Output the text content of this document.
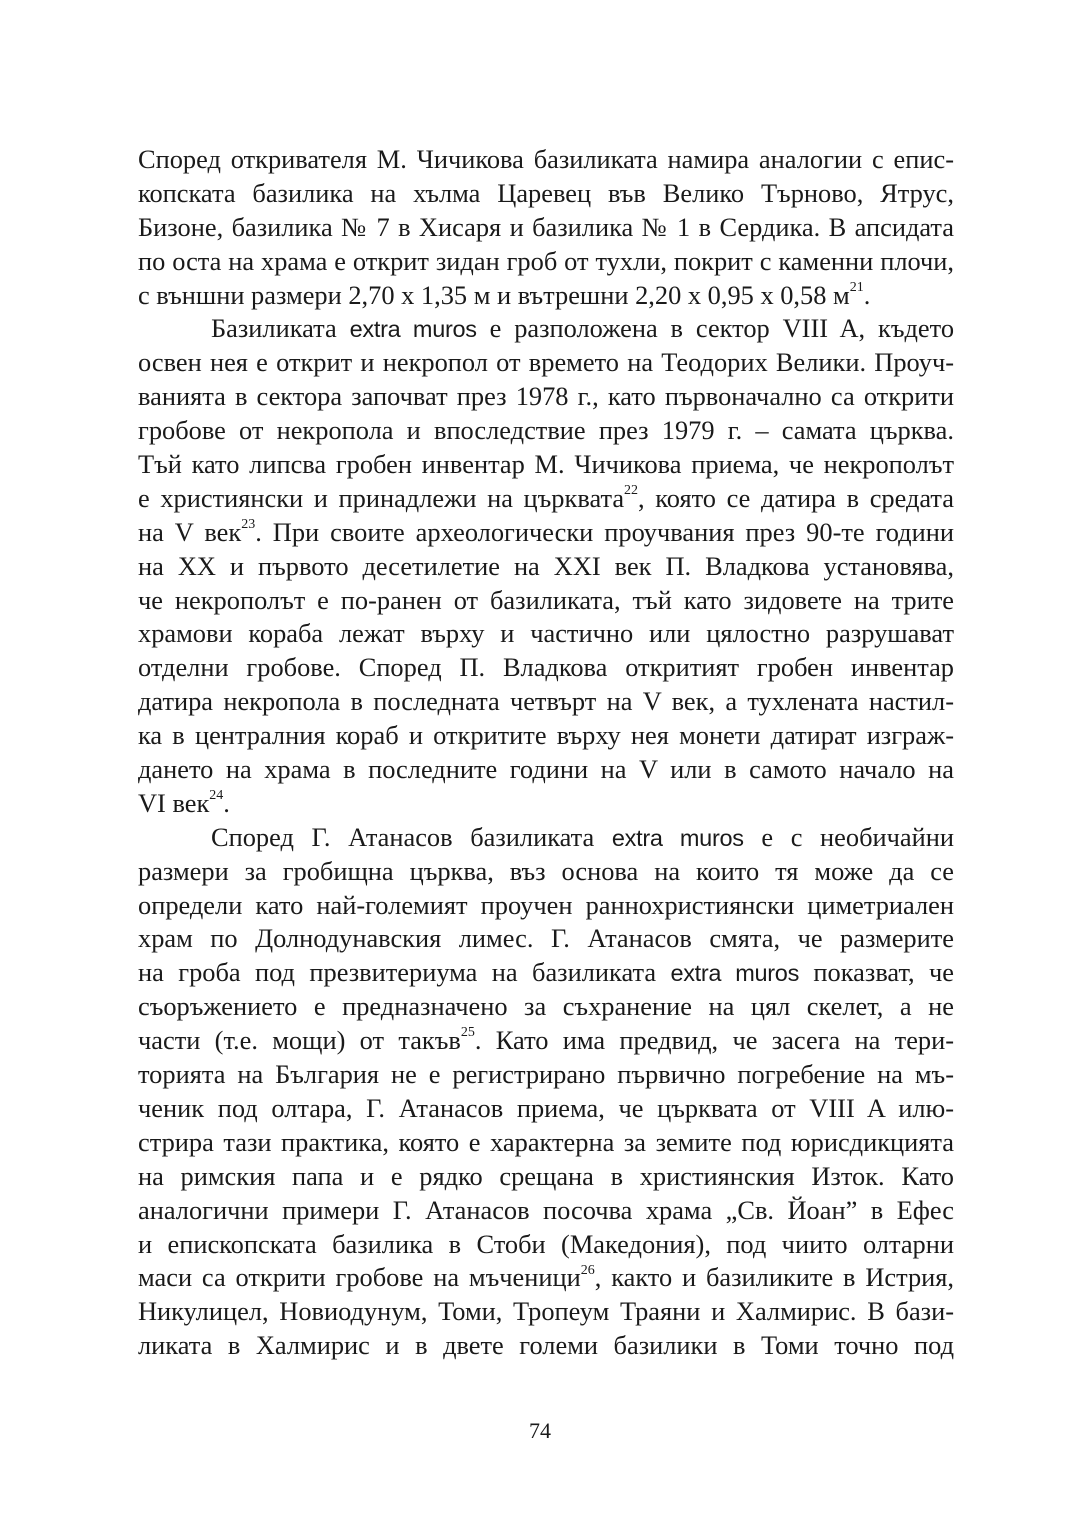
Според откривателя М. Чичикова базиликата намира аналогии с епис-
копската базилика на хълма Царевец във Велико Търново, Ятрус,
Бизоне, базилика № 7 в Хисаря и базилика № 1 в Сердика. В апсидата
по оста на храма е открит зидан гроб от тухли, покрит с каменни плочи,
с външни размери 2,70 х 1,35 м и вътрешни 2,20 х 0,95 х 0,58 $м^{21}$.
Базиликата extra muros е разположена в сектор VIII A, където
освен нея е открит и некропол от времето на Теодорих Велики. Проуч-
ванията в сектора започват през 1978 г., като първоначално са открити
гробове от некропола и впоследствие през 1979 г. – самата църква.
Тъй като липсва гробен инвентар М. Чичикова приема, че некрополът
е християнски и принадлежи на църквата$^{22}$, която се датира в средата
на V век$^{23}$. При своите археологически проучвания през 90-те години
на XX и първото десетилетие на XXI век П. Владкова установява,
че некрополът е по-ранен от базиликата, тъй като зидовете на трите
храмови кораба лежат върху и частично или цялостно разрушават
отделни гробове. Според П. Владкова откритият гробен инвентар
датира некропола в последната четвърт на V век, а тухлената настил-
ка в централния кораб и откритите върху нея монети датират изграж-
дането на храма в последните години на V или в самото начало на
VI век$^{24}$.
Според Г. Атанасов базиликата extra muros е с необичайни
размери за гробищна църква, въз основа на които тя може да се
определи като най-големият проучен раннохристиянски циметриален
храм по Долнодунавския лимес. Г. Атанасов смята, че размерите
на гроба под презвитериума на базиликата extra muros показват, че
съоръжението е предназначено за съхранение на цял скелет, а не
части (т.е. мощи) от такъв$^{25}$. Като има предвид, че засега на тери-
торията на България не е регистрирано първично погребение на мъ-
ченик под олтара, Г. Атанасов приема, че църквата от VIII A илю-
стрира тази практика, която е характерна за земите под юрисдикцията
на римския папа и е рядко срещана в християнския Изток. Като
аналогични примери Г. Атанасов посочва храма „Св. Йоан” в Ефес
и епископската базилика в Стоби (Македония), под чиито олтарни
маси са открити гробове на мъченици$^{26}$, както и базиликите в Истрия,
Никулицел, Новиодунум, Томи, Тропеум Траяни и Халмирис. В бази-
ликата в Халмирис и в двете големи базилики в Томи точно под
74
